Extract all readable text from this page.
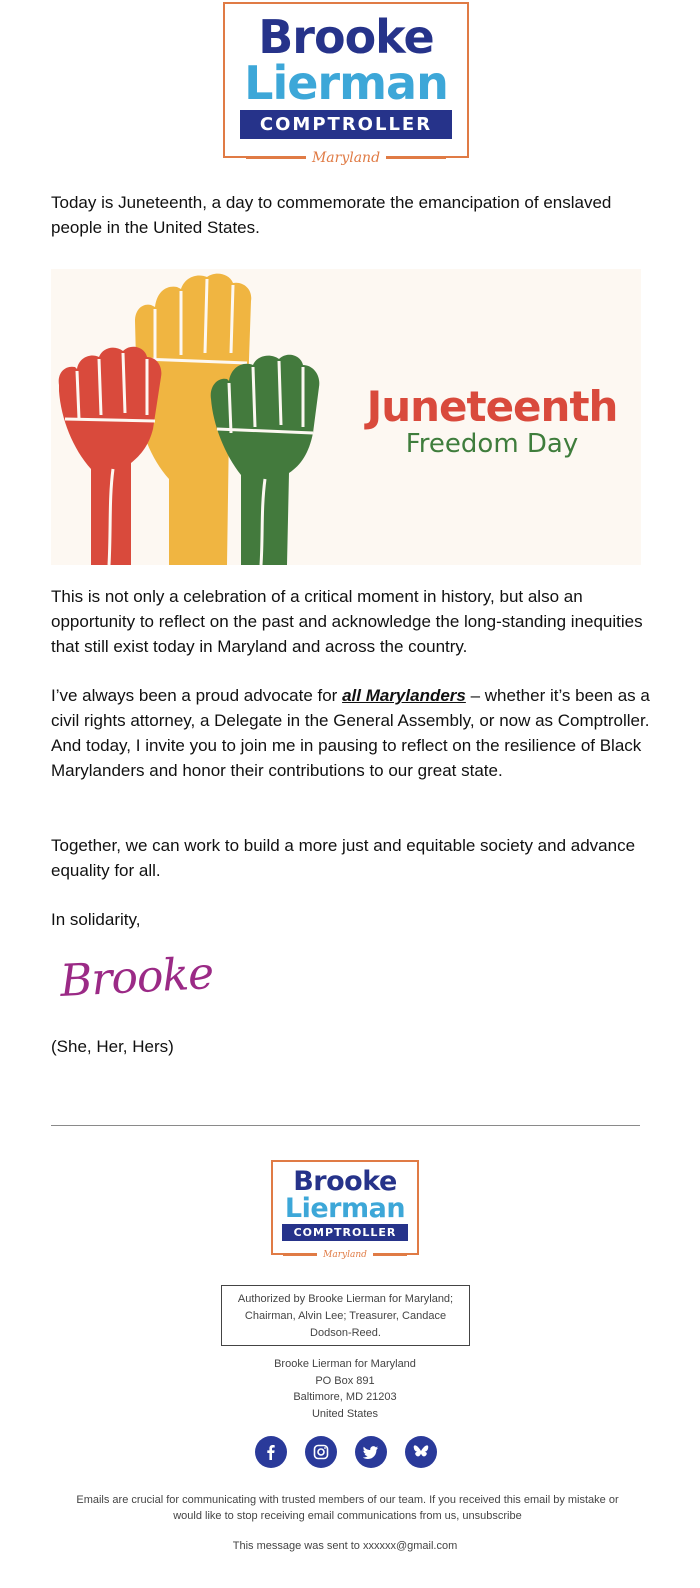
Brooke
Lierman
COMPTROLLER
Maryland

Today is Juneteenth, a day to commemorate the emancipation of enslaved people in the United States.

Juneteenth
Freedom Day

This is not only a celebration of a critical moment in history, but also an opportunity to reflect on the past and acknowledge the long-standing inequities that still exist today in Maryland and across the country.

I’ve always been a proud advocate for all Marylanders – whether it’s been as a civil rights attorney, a Delegate in the General Assembly, or now as Comptroller. And today, I invite you to join me in pausing to reflect on the resilience of Black Marylanders and honor their contributions to our great state.

Together, we can work to build a more just and equitable society and advance equality for all.

In solidarity,

Brooke

(She, Her, Hers)

Brooke
Lierman
COMPTROLLER
Maryland
Authorized by Brooke Lierman for Maryland;
Chairman, Alvin Lee; Treasurer, Candace
Dodson-Reed.
Brooke Lierman for Maryland
PO Box 891
Baltimore, MD 21203
United States

Emails are crucial for communicating with trusted members of our team. If you received this email by mistake or would like to stop receiving email communications from us, unsubscribe

This message was sent to xxxxxx@gmail.com
